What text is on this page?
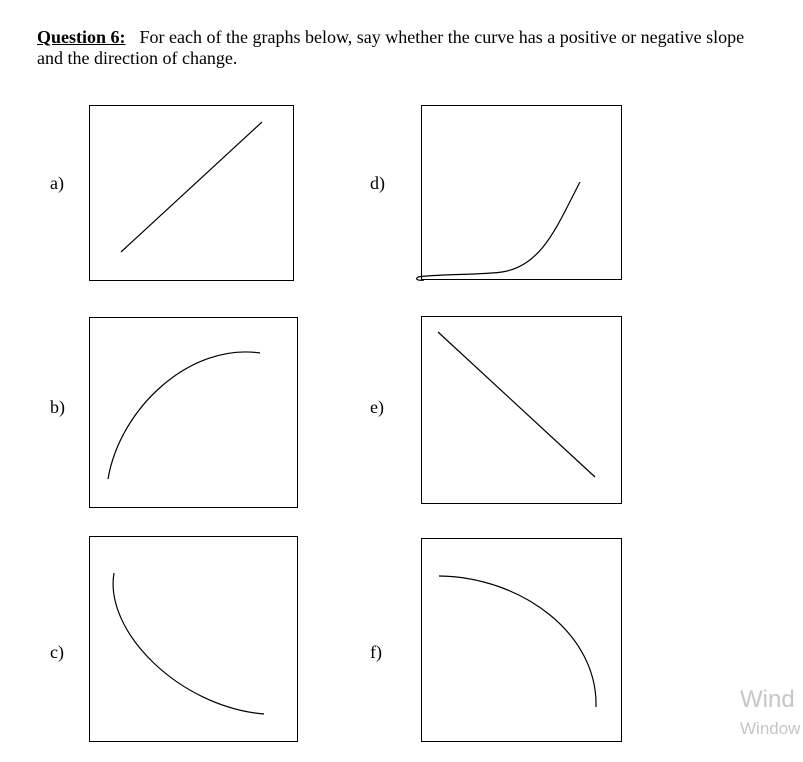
Question 6: For each of the graphs below, say whether the curve has a positive or negative slope and the direction of change.
a)	d)
b)	e)
c)	f)
Wind
Window
